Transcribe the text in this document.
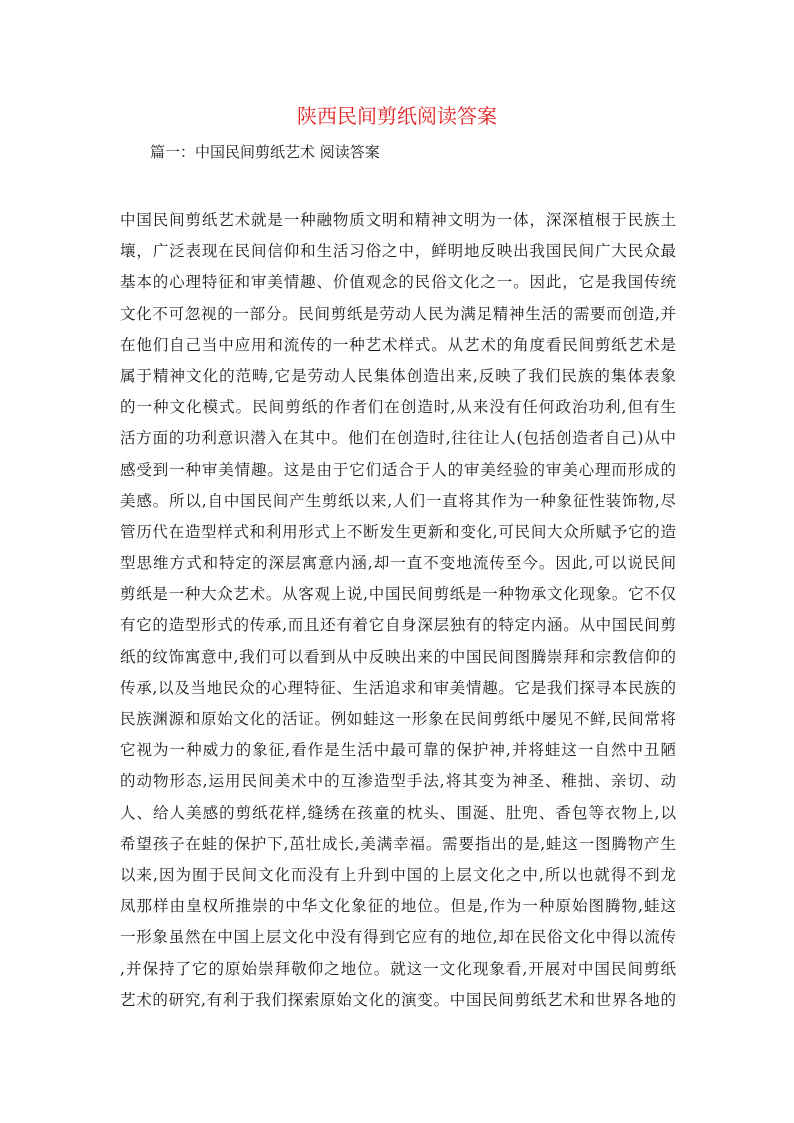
陕西民间剪纸阅读答案
篇一：中国民间剪纸艺术 阅读答案
中国民间剪纸艺术就是一种融物质文明和精神文明为一体，深深植根于民族土
壤，广泛表现在民间信仰和生活习俗之中，鲜明地反映出我国民间广大民众最
基本的心理特征和审美情趣、价值观念的民俗文化之一。因此，它是我国传统
文化不可忽视的一部分。民间剪纸是劳动人民为满足精神生活的需要而创造,并
在他们自己当中应用和流传的一种艺术样式。从艺术的角度看民间剪纸艺术是
属于精神文化的范畴,它是劳动人民集体创造出来,反映了我们民族的集体表象
的一种文化模式。民间剪纸的作者们在创造时,从来没有任何政治功利,但有生
活方面的功利意识潜入在其中。他们在创造时,往往让人(包括创造者自己)从中
感受到一种审美情趣。这是由于它们适合于人的审美经验的审美心理而形成的
美感。所以,自中国民间产生剪纸以来,人们一直将其作为一种象征性装饰物,尽
管历代在造型样式和利用形式上不断发生更新和变化,可民间大众所赋予它的造
型思维方式和特定的深层寓意内涵,却一直不变地流传至今。因此,可以说民间
剪纸是一种大众艺术。从客观上说,中国民间剪纸是一种物承文化现象。它不仅
有它的造型形式的传承,而且还有着它自身深层独有的特定内涵。从中国民间剪
纸的纹饰寓意中,我们可以看到从中反映出来的中国民间图腾崇拜和宗教信仰的
传承,以及当地民众的心理特征、生活追求和审美情趣。它是我们探寻本民族的
民族渊源和原始文化的活证。例如蛙这一形象在民间剪纸中屡见不鲜,民间常将
它视为一种威力的象征,看作是生活中最可靠的保护神,并将蛙这一自然中丑陋
的动物形态,运用民间美术中的互渗造型手法,将其变为神圣、稚拙、亲切、动
人、给人美感的剪纸花样,缝绣在孩童的枕头、围涎、肚兜、香包等衣物上,以
希望孩子在蛙的保护下,茁壮成长,美满幸福。需要指出的是,蛙这一图腾物产生
以来,因为囿于民间文化而没有上升到中国的上层文化之中,所以也就得不到龙
凤那样由皇权所推崇的中华文化象征的地位。但是,作为一种原始图腾物,蛙这
一形象虽然在中国上层文化中没有得到它应有的地位,却在民俗文化中得以流传
,并保持了它的原始崇拜敬仰之地位。就这一文化现象看,开展对中国民间剪纸
艺术的研究,有利于我们探索原始文化的演变。中国民间剪纸艺术和世界各地的
